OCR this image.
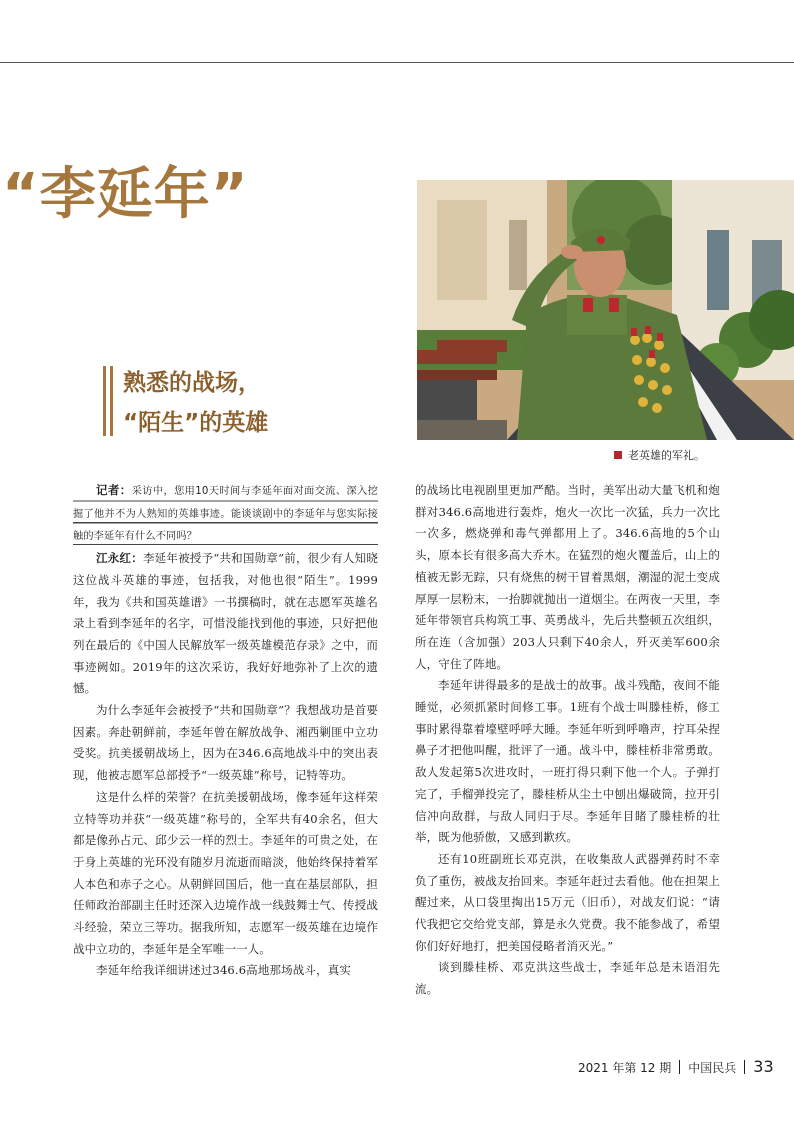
“李延年”
熟悉的战场，
“陌生”的英雄
老英雄的军礼。

记者：采访中，您用10天时间与李延年面对面交流、深入挖掘了他并不为人熟知的英雄事迹。能谈谈剧中的李延年与您实际接触的李延年有什么不同吗？

江永红：李延年被授予“共和国勋章”前，很少有人知晓这位战斗英雄的事迹，包括我，对他也很“陌生”。1999年，我为《共和国英雄谱》一书撰稿时，就在志愿军英雄名录上看到李延年的名字，可惜没能找到他的事迹，只好把他列在最后的《中国人民解放军一级英雄模范存录》之中，而事迹阙如。2019年的这次采访，我好好地弥补了上次的遗憾。

为什么李延年会被授予“共和国勋章”？我想战功是首要因素。奔赴朝鲜前，李延年曾在解放战争、湘西剿匪中立功受奖。抗美援朝战场上，因为在346.6高地战斗中的突出表现，他被志愿军总部授予“一级英雄”称号，记特等功。

这是什么样的荣誉？在抗美援朝战场，像李延年这样荣立特等功并获“一级英雄”称号的，全军共有40余名，但大都是像孙占元、邱少云一样的烈士。李延年的可贵之处，在于身上英雄的光环没有随岁月流逝而暗淡，他始终保持着军人本色和赤子之心。从朝鲜回国后，他一直在基层部队，担任师政治部副主任时还深入边境作战一线鼓舞士气、传授战斗经验，荣立三等功。据我所知，志愿军一级英雄在边境作战中立功的，李延年是全军唯一一人。

李延年给我详细讲述过346.6高地那场战斗，真实

的战场比电视剧里更加严酷。当时，美军出动大量飞机和炮群对346.6高地进行轰炸，炮火一次比一次猛，兵力一次比一次多，燃烧弹和毒气弹都用上了。346.6高地的5个山头，原本长有很多高大乔木。在猛烈的炮火覆盖后，山上的植被无影无踪，只有烧焦的树干冒着黑烟，潮湿的泥土变成厚厚一层粉末，一抬脚就抛出一道烟尘。在两夜一天里，李延年带领官兵构筑工事、英勇战斗，先后共整顿五次组织，所在连（含加强）203人只剩下40余人，歼灭美军600余人，守住了阵地。

李延年讲得最多的是战士的故事。战斗残酷，夜间不能睡觉，必须抓紧时间修工事。1班有个战士叫滕桂桥，修工事时累得靠着壕壁呼呼大睡。李延年听到呼噜声，拧耳朵捏鼻子才把他叫醒，批评了一通。战斗中，滕桂桥非常勇敢。敌人发起第5次进攻时，一班打得只剩下他一个人。子弹打完了，手榴弹投完了，滕桂桥从尘土中刨出爆破筒，拉开引信冲向敌群，与敌人同归于尽。李延年目睹了滕桂桥的壮举，既为他骄傲，又感到歉疚。

还有10班副班长邓克洪，在收集敌人武器弹药时不幸负了重伤，被战友抬回来。李延年赶过去看他。他在担架上醒过来，从口袋里掏出15万元（旧币），对战友们说：“请代我把它交给党支部，算是永久党费。我不能参战了，希望你们好好地打，把美国侵略者消灭光。”

谈到滕桂桥、邓克洪这些战士，李延年总是未语泪先流。

2021 年第 12 期 中国民兵 33
